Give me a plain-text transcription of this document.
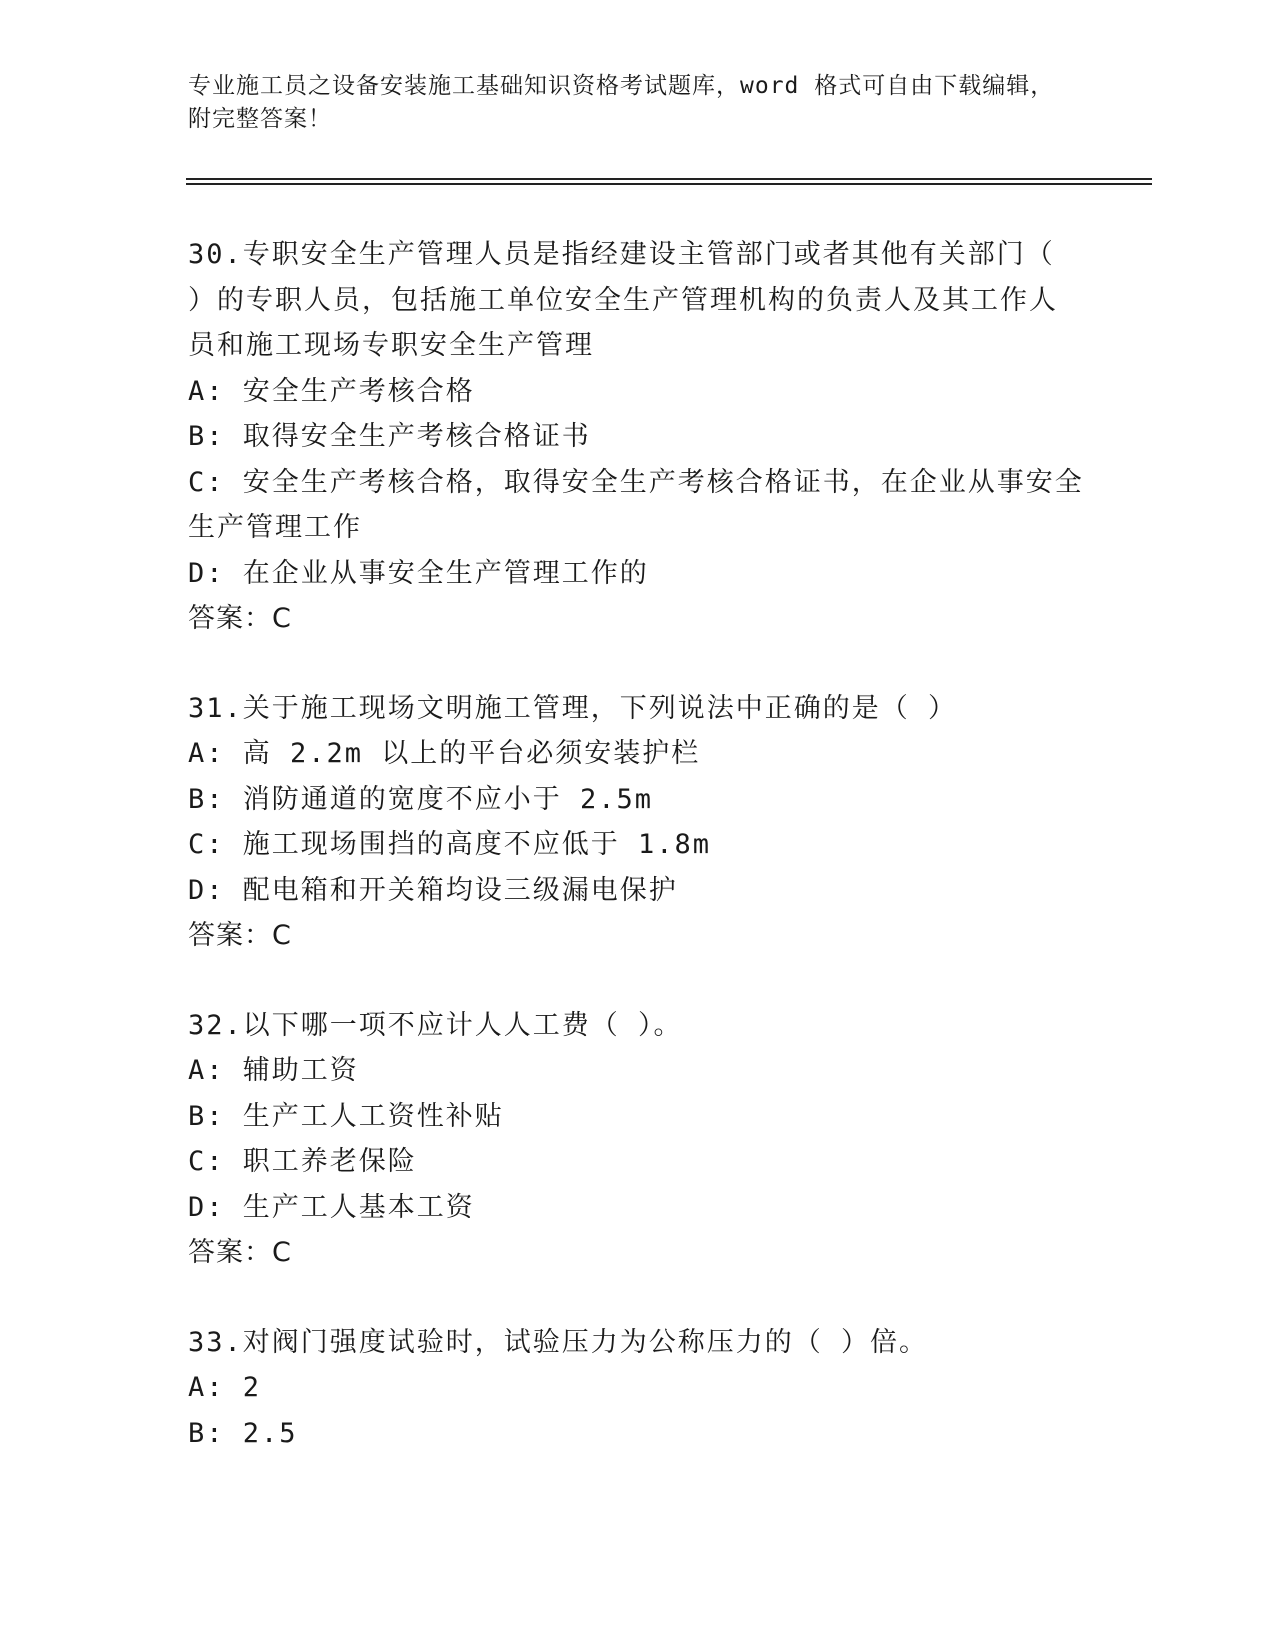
专业施工员之设备安装施工基础知识资格考试题库，word 格式可自由下载编辑，
附完整答案！
30.专职安全生产管理人员是指经建设主管部门或者其他有关部门（
）的专职人员，包括施工单位安全生产管理机构的负责人及其工作人
员和施工现场专职安全生产管理
A: 安全生产考核合格
B: 取得安全生产考核合格证书
C: 安全生产考核合格，取得安全生产考核合格证书，在企业从事安全
生产管理工作
D: 在企业从事安全生产管理工作的
答案：C
31.关于施工现场文明施工管理，下列说法中正确的是（ ）
A: 高 2.2m 以上的平台必须安装护栏
B: 消防通道的宽度不应小于 2.5m
C: 施工现场围挡的高度不应低于 1.8m
D: 配电箱和开关箱均设三级漏电保护
答案：C
32.以下哪一项不应计人人工费（ ）。
A: 辅助工资
B: 生产工人工资性补贴
C: 职工养老保险
D: 生产工人基本工资
答案：C
33.对阀门强度试验时，试验压力为公称压力的（ ）倍。
A: 2
B: 2.5
